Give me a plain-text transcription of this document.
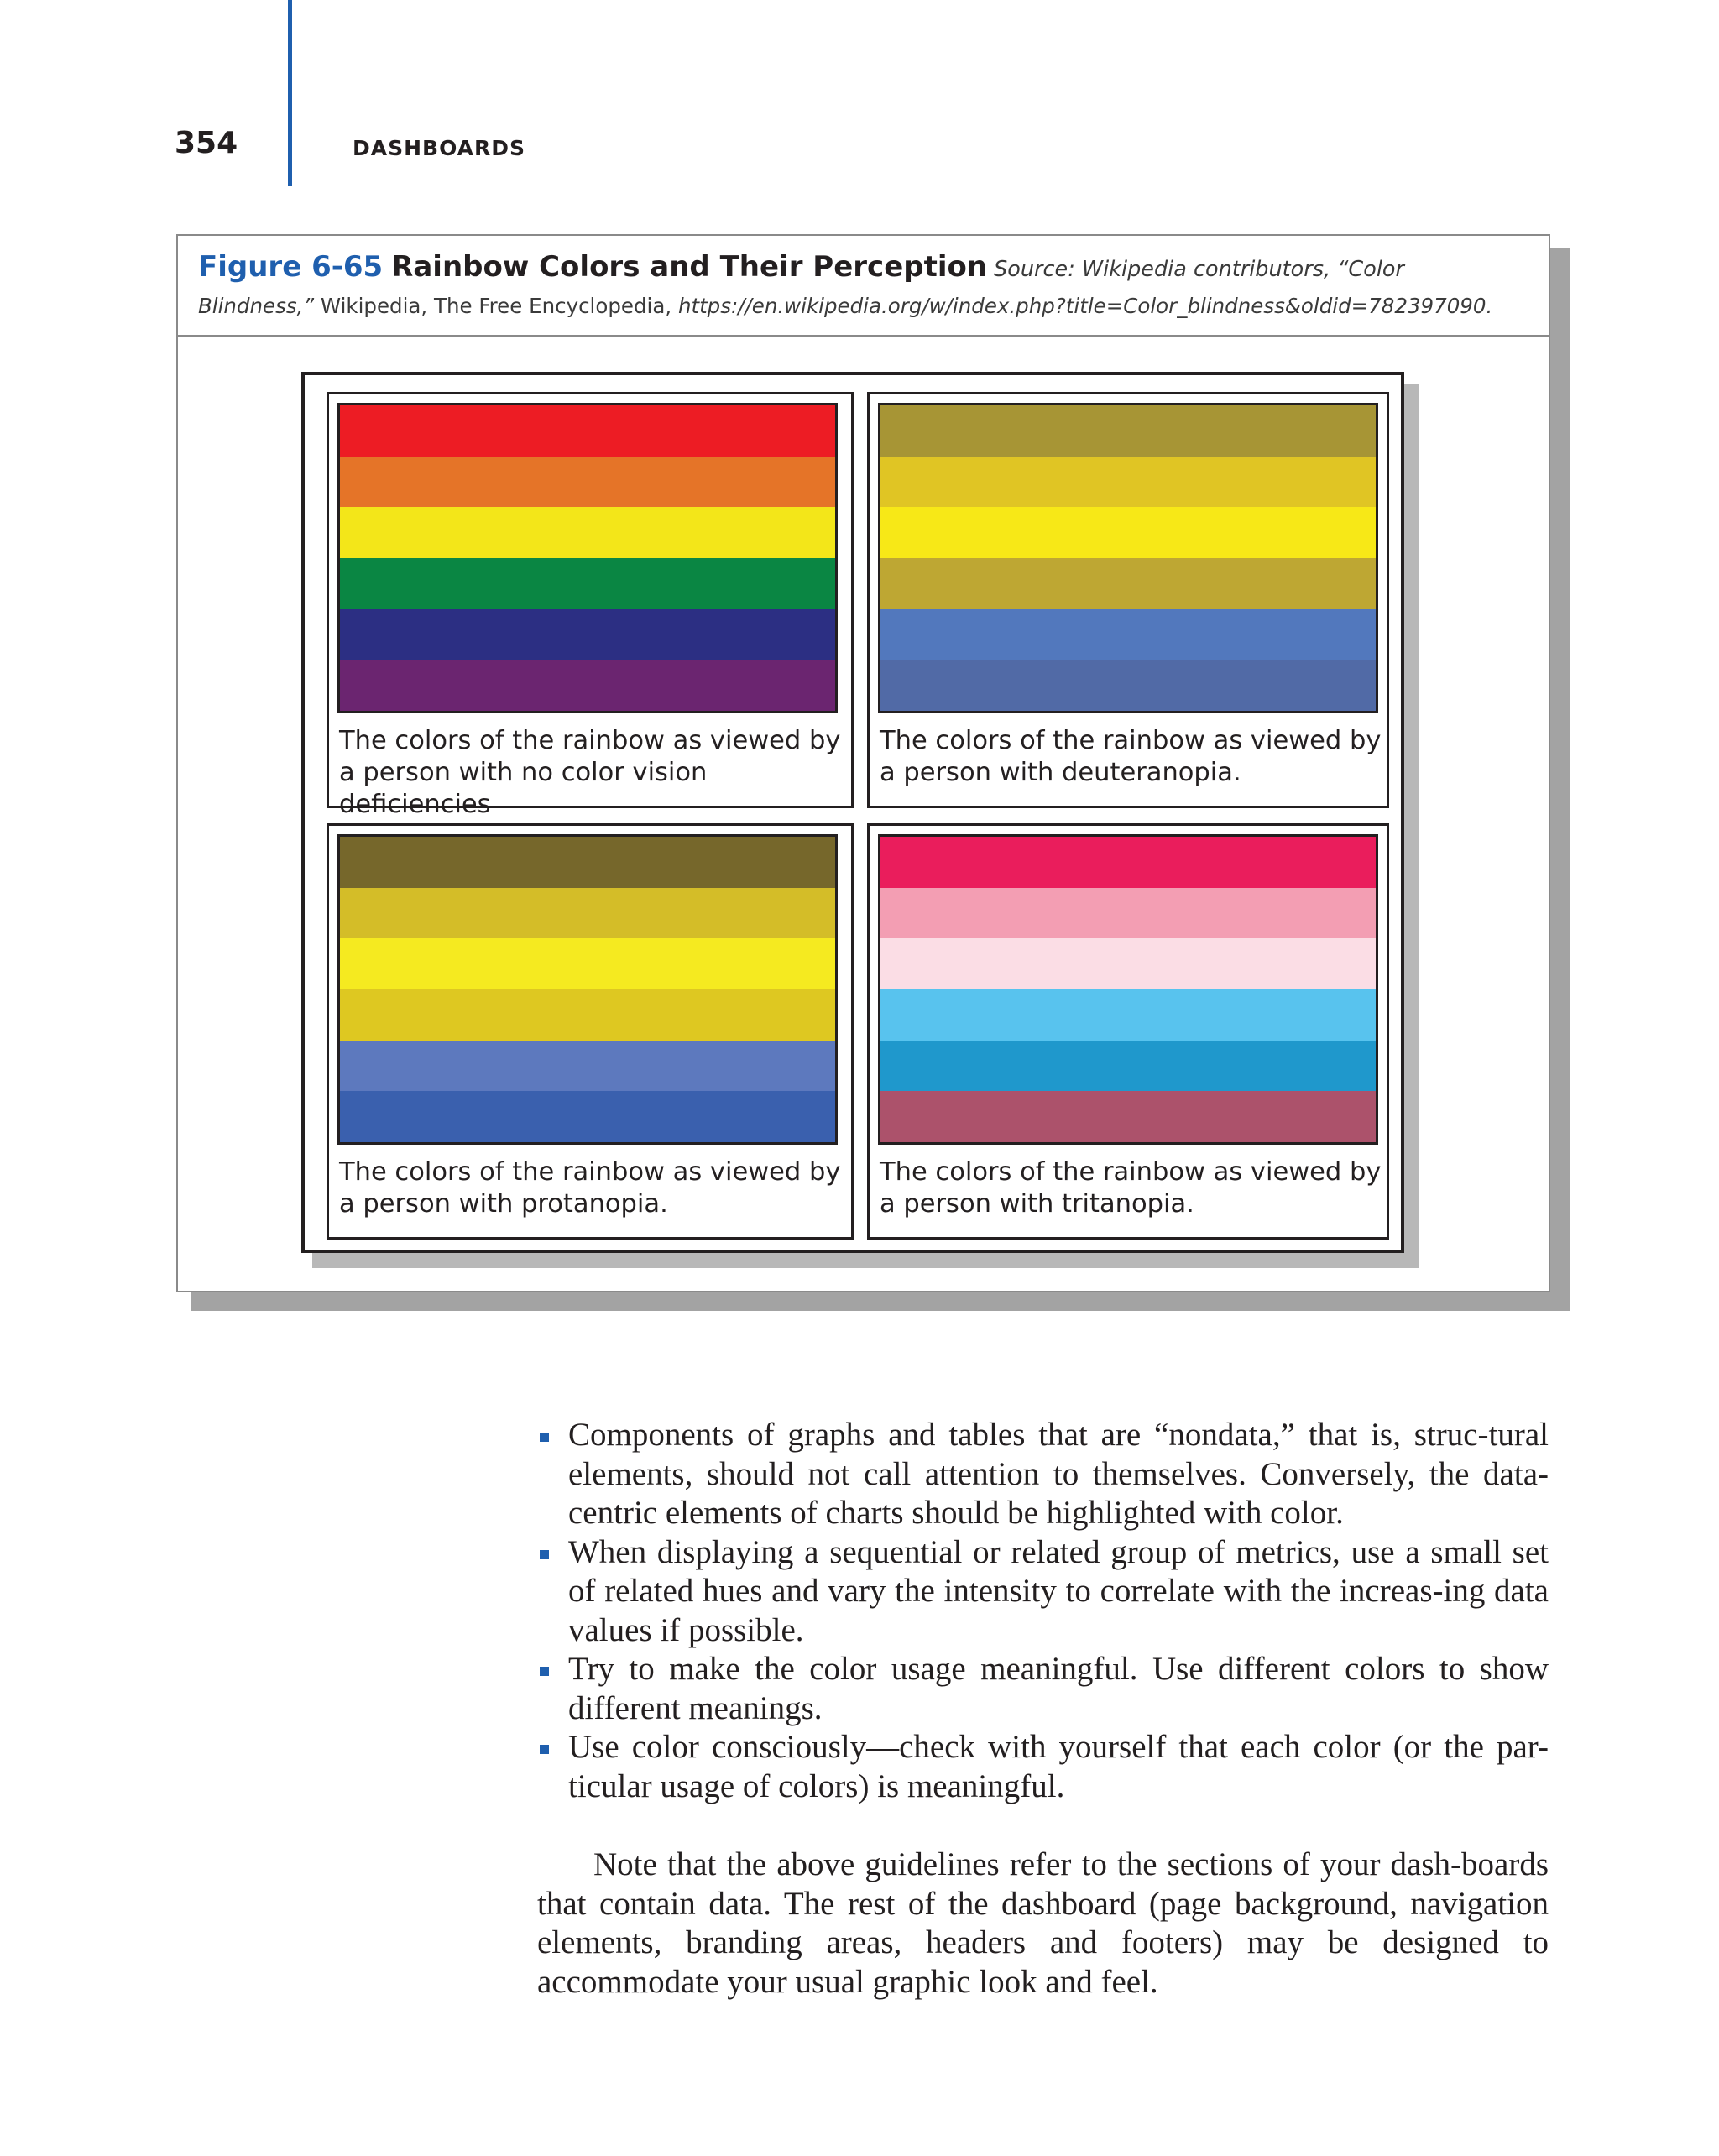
354	DASHBOARDS
Figure 6-65 Rainbow Colors and Their Perception Source: Wikipedia contributors, “Color
Blindness,” Wikipedia, The Free Encyclopedia, https://en.wikipedia.org/w/index.php?title=Color_blindness&oldid=782397090.
The colors of the rainbow as viewed by
a person with no color vision deficiencies
The colors of the rainbow as viewed by
a person with deuteranopia.
The colors of the rainbow as viewed by
a person with protanopia.
The colors of the rainbow as viewed by
a person with tritanopia.
Components of graphs and tables that are “nondata,” that is, struc-tural elements, should not call attention to themselves. Conversely, the data-centric elements of charts should be highlighted with color.
When displaying a sequential or related group of metrics, use a small set of related hues and vary the intensity to correlate with the increas-ing data values if possible.
Try to make the color usage meaningful. Use different colors to show different meanings.
Use color consciously—check with yourself that each color (or the par-ticular usage of colors) is meaningful.

Note that the above guidelines refer to the sections of your dash-boards that contain data. The rest of the dashboard (page background, navigation elements, branding areas, headers and footers) may be designed to accommodate your usual graphic look and feel.
